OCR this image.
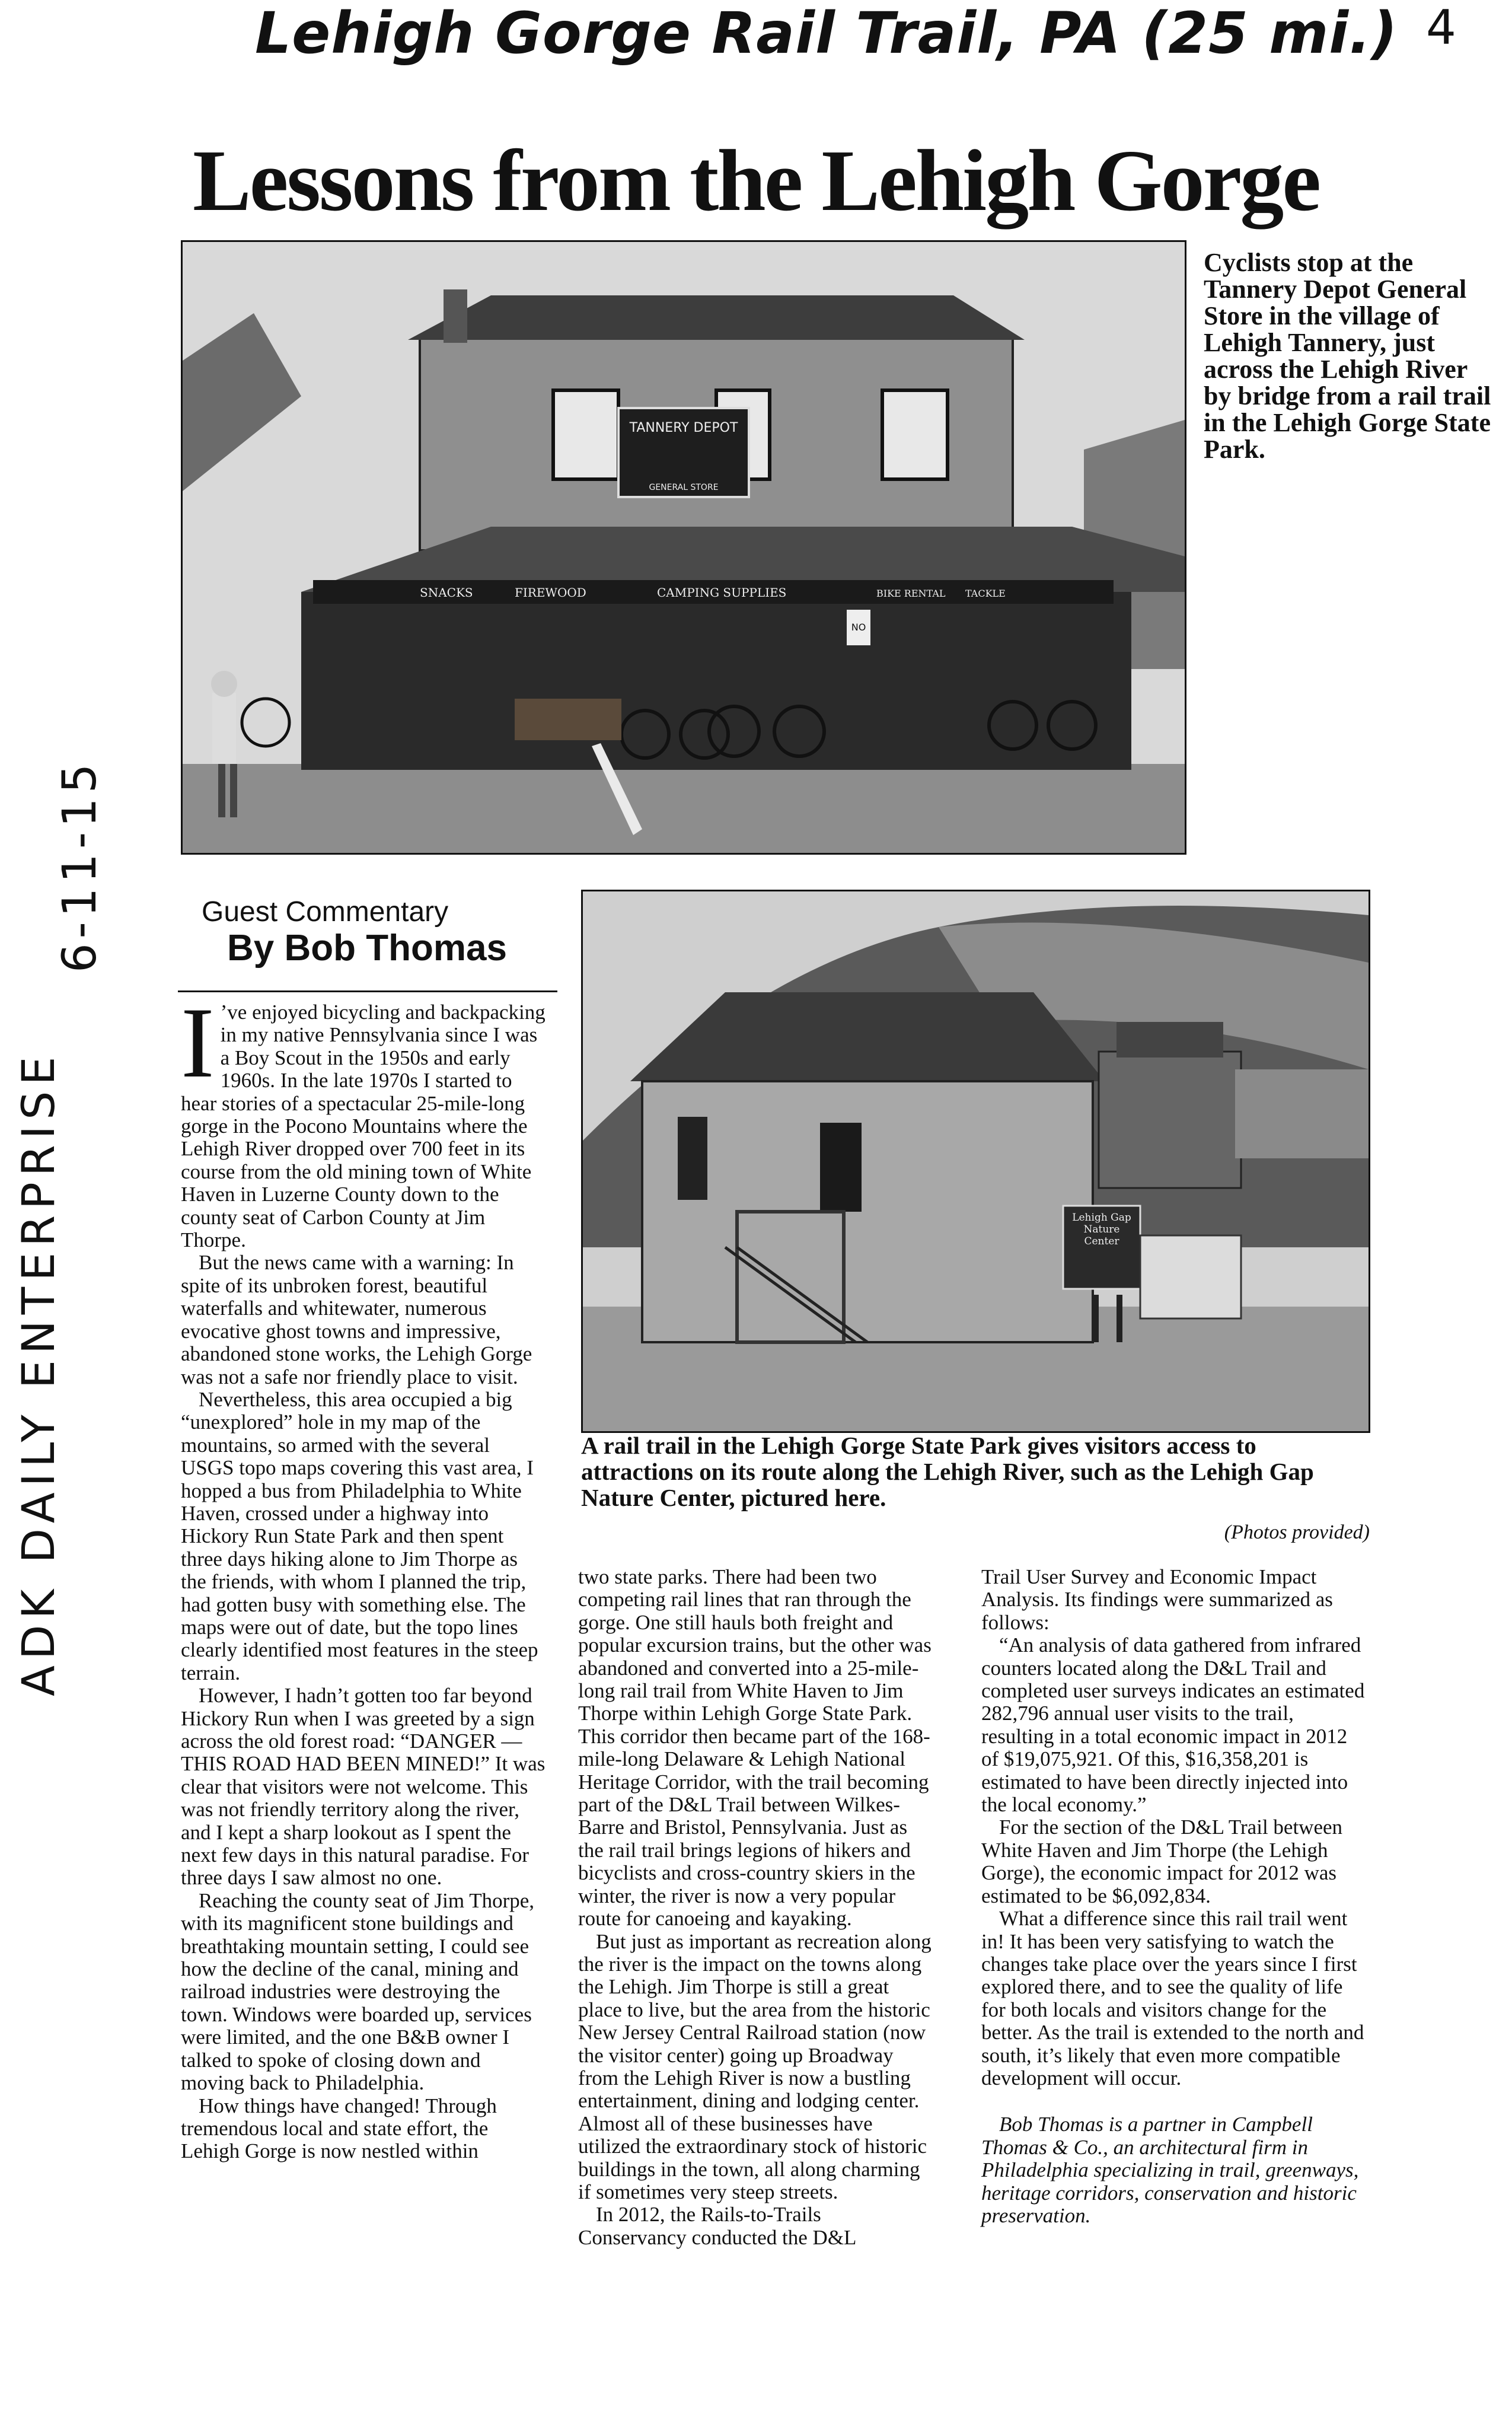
Lehigh Gorge Rail Trail, PA (25 mi.) 4
6-11-15
ADK DAILY ENTERPRISE
Lessons from the Lehigh Gorge
TANNERY DEPOT
GENERAL STORE
SNACKS	FIREWOOD	CAMPING SUPPLIES	BIKE RENTAL TACKLE
NO
Cyclists stop at the Tannery Depot General Store in the village of Lehigh Tannery, just across the Lehigh River by bridge from a rail trail in the Lehigh Gorge State Park.
Guest Commentary
By Bob Thomas
Lehigh Gap Nature Center
A rail trail in the Lehigh Gorge State Park gives visitors access to attractions on its route along the Lehigh River, such as the Lehigh Gap Nature Center, pictured here.
(Photos provided)

I ’ve enjoyed bicycling and backpacking in my native Pennsylvania since I was a Boy Scout in the 1950s and early 1960s. In the late 1970s I started to hear stories of a spectacular 25-mile-long gorge in the Pocono Mountains where the Lehigh River dropped over 700 feet in its course from the old mining town of White Haven in Luzerne County down to the county seat of Carbon County at Jim Thorpe.

But the news came with a warning: In spite of its unbroken forest, beautiful waterfalls and whitewater, numerous evocative ghost towns and impressive, abandoned stone works, the Lehigh Gorge was not a safe nor friendly place to visit.

Nevertheless, this area occupied a big “unexplored” hole in my map of the mountains, so armed with the several USGS topo maps covering this vast area, I hopped a bus from Philadelphia to White Haven, crossed under a highway into Hickory Run State Park and then spent three days hiking alone to Jim Thorpe as the friends, with whom I planned the trip, had gotten busy with something else. The maps were out of date, but the topo lines clearly identified most features in the steep terrain.

However, I hadn’t gotten too far beyond Hickory Run when I was greeted by a sign across the old forest road: “DANGER — THIS ROAD HAD BEEN MINED!” It was clear that visitors were not welcome. This was not friendly territory along the river, and I kept a sharp lookout as I spent the next few days in this natural paradise. For three days I saw almost no one.

Reaching the county seat of Jim Thorpe, with its magnificent stone buildings and breathtaking mountain setting, I could see how the decline of the canal, mining and railroad industries were destroying the town. Windows were boarded up, services were limited, and the one B&B owner I talked to spoke of closing down and moving back to Philadelphia.

How things have changed! Through tremendous local and state effort, the Lehigh Gorge is now nestled within

two state parks. There had been two competing rail lines that ran through the gorge. One still hauls both freight and popular excursion trains, but the other was abandoned and converted into a 25-mile-long rail trail from White Haven to Jim Thorpe within Lehigh Gorge State Park. This corridor then became part of the 168-mile-long Delaware & Lehigh National Heritage Corridor, with the trail becoming part of the D&L Trail between Wilkes-Barre and Bristol, Pennsylvania. Just as the rail trail brings legions of hikers and bicyclists and cross-country skiers in the winter, the river is now a very popular route for canoeing and kayaking.

But just as important as recreation along the river is the impact on the towns along the Lehigh. Jim Thorpe is still a great place to live, but the area from the historic New Jersey Central Railroad station (now the visitor center) going up Broadway from the Lehigh River is now a bustling entertainment, dining and lodging center. Almost all of these businesses have utilized the extraordinary stock of historic buildings in the town, all along charming if sometimes very steep streets.

In 2012, the Rails-to-Trails Conservancy conducted the D&L

Trail User Survey and Economic Impact Analysis. Its findings were summarized as follows:

“An analysis of data gathered from infrared counters located along the D&L Trail and completed user surveys indicates an estimated 282,796 annual user visits to the trail, resulting in a total economic impact in 2012 of $19,075,921. Of this, $16,358,201 is estimated to have been directly injected into the local economy.”

For the section of the D&L Trail between White Haven and Jim Thorpe (the Lehigh Gorge), the economic impact for 2012 was estimated to be $6,092,834.

What a difference since this rail trail went in! It has been very satisfying to watch the changes take place over the years since I first explored there, and to see the quality of life for both locals and visitors change for the better. As the trail is extended to the north and south, it’s likely that even more compatible development will occur.

Bob Thomas is a partner in Campbell Thomas & Co., an architectural firm in Philadelphia specializing in trail, greenways, heritage corridors, conservation and historic preservation.
